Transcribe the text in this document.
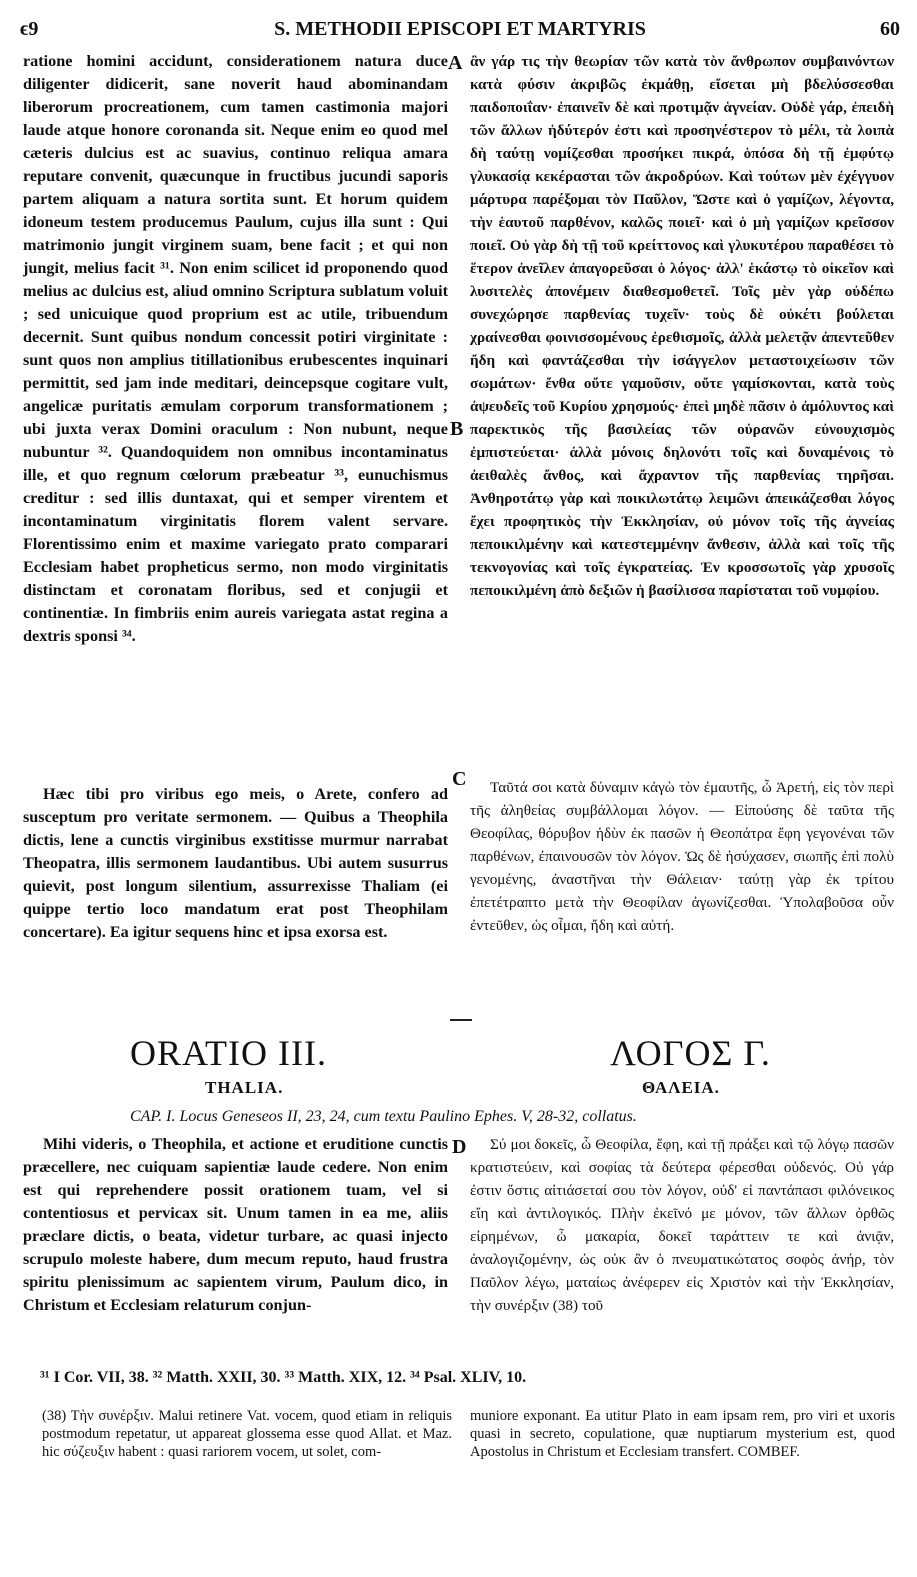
ϵ9	S. METHODII EPISCOPI ET MARTYRIS	60
A
B
C
D
ratione homini accidunt, considerationem natura duce diligenter didicerit, sane noverit haud abominandam liberorum procreationem, cum tamen castimonia majori laude atque honore coronanda sit. Neque enim eo quod mel cæteris dulcius est ac suavius, continuo reliqua amara reputare convenit, quæcunque in fructibus jucundi saporis partem aliquam a natura sortita sunt. Et horum quidem idoneum testem producemus Paulum, cujus illa sunt : Qui matrimonio jungit virginem suam, bene facit ; et qui non jungit, melius facit ³¹. Non enim scilicet id proponendo quod melius ac dulcius est, aliud omnino Scriptura sublatum voluit ; sed unicuique quod proprium est ac utile, tribuendum decernit. Sunt quibus nondum concessit potiri virginitate : sunt quos non amplius titillationibus erubescentes inquinari permittit, sed jam inde meditari, deincepsque cogitare vult, angelicæ puritatis æmulam corporum transformationem ; ubi juxta verax Domini oraculum : Non nubunt, neque nubuntur ³². Quandoquidem non omnibus incontaminatus ille, et quo regnum cœlorum præbeatur ³³, eunuchismus creditur : sed illis duntaxat, qui et semper virentem et incontaminatum virginitatis florem valent servare. Florentissimo enim et maxime variegato prato comparari Ecclesiam habet propheticus sermo, non modo virginitatis distinctam et coronatam floribus, sed et conjugii et continentiæ. In fimbriis enim aureis variegata astat regina a dextris sponsi ³⁴.
ἂν γάρ τις τὴν θεωρίαν τῶν κατὰ τὸν ἄνθρωπον συμβαινόντων κατὰ φύσιν ἀκριβῶς ἐκμάθῃ, εἴσεται μὴ βδελύσσεσθαι παιδοποιΐαν· ἐπαινεῖν δὲ καὶ προτιμᾷν ἁγνείαν. Οὐδὲ γάρ, ἐπειδὴ τῶν ἄλλων ἡδύτερόν ἐστι καὶ προσηνέστερον τὸ μέλι, τὰ λοιπὰ δὴ ταύτῃ νομίζεσθαι προσήκει πικρά, ὁπόσα δὴ τῇ ἐμφύτῳ γλυκασίᾳ κεκέρασται τῶν ἀκροδρύων. Καὶ τούτων μὲν ἐχέγγυον μάρτυρα παρέξομαι τὸν Παῦλον, Ὥστε καὶ ὁ γαμίζων, λέγοντα, τὴν ἑαυτοῦ παρθένον, καλῶς ποιεῖ· καὶ ὁ μὴ γαμίζων κρεῖσσον ποιεῖ. Οὐ γὰρ δὴ τῇ τοῦ κρείττονος καὶ γλυκυτέρου παραθέσει τὸ ἕτερον ἀνεῖλεν ἀπαγορεῦσαι ὁ λόγος· ἀλλ' ἑκάστῳ τὸ οἰκεῖον καὶ λυσιτελὲς ἀπονέμειν διαθεσμοθετεῖ. Τοῖς μὲν γὰρ οὐδέπω συνεχώρησε παρθενίας τυχεῖν· τοὺς δὲ οὐκέτι βούλεται χραίνεσθαι φοινισσομένους ἐρεθισμοῖς, ἀλλὰ μελετᾷν ἀπεντεῦθεν ἤδη καὶ φαντάζεσθαι τὴν ἰσάγγελον μεταστοιχείωσιν τῶν σωμάτων· ἔνθα οὔτε γαμοῦσιν, οὔτε γαμίσκονται, κατὰ τοὺς ἀψευδεῖς τοῦ Κυρίου χρησμούς· ἐπεὶ μηδὲ πᾶσιν ὁ ἀμόλυντος καὶ παρεκτικὸς τῆς βασιλείας τῶν οὐρανῶν εὐνουχισμὸς ἐμπιστεύεται· ἀλλὰ μόνοις δηλονότι τοῖς καὶ δυναμένοις τὸ ἀειθαλὲς ἄνθος, καὶ ἄχραντον τῆς παρθενίας τηρῆσαι. Ἀνθηροτάτῳ γὰρ καὶ ποικιλωτάτῳ λειμῶνι ἀπεικάζεσθαι λόγος ἔχει προφητικὸς τὴν Ἐκκλησίαν, οὐ μόνον τοῖς τῆς ἁγνείας πεποικιλμένην καὶ κατεστεμμένην ἄνθεσιν, ἀλλὰ καὶ τοῖς τῆς τεκνογονίας καὶ τοῖς ἐγκρατείας. Ἐν κροσσωτοῖς γὰρ χρυσοῖς πεποικιλμένη ἀπὸ δεξιῶν ἡ βασίλισσα παρίσταται τοῦ νυμφίου.
Hæc tibi pro viribus ego meis, o Arete, confero ad susceptum pro veritate sermonem. — Quibus a Theophila dictis, lene a cunctis virginibus exstitisse murmur narrabat Theopatra, illis sermonem laudantibus. Ubi autem susurrus quievit, post longum silentium, assurrexisse Thaliam (ei quippe tertio loco mandatum erat post Theophilam concertare). Ea igitur sequens hinc et ipsa exorsa est.
Ταῦτά σοι κατὰ δύναμιν κἀγὼ τὸν ἐμαυτῆς, ὦ Ἀρετή, εἰς τὸν περὶ τῆς ἀληθείας συμβάλλομαι λόγον. — Εἰπούσης δὲ ταῦτα τῆς Θεοφίλας, θόρυβον ἡδὺν ἐκ πασῶν ἡ Θεοπάτρα ἔφη γεγονέναι τῶν παρθένων, ἐπαινουσῶν τὸν λόγον. Ὡς δὲ ἡσύχασεν, σιωπῆς ἐπὶ πολὺ γενομένης, ἀναστῆναι τὴν Θάλειαν· ταύτῃ γὰρ ἐκ τρίτου ἐπετέτραπτο μετὰ τὴν Θεοφίλαν ἀγωνίζεσθαι. Ὑπολαβοῦσα οὖν ἐντεῦθεν, ὡς οἶμαι, ἤδη καὶ αὐτή.
ORATIO III.
THALIA.
ΛΟΓΟΣ Γ.
ΘΑΛΕΙΑ.
CAP. I. Locus Geneseos II, 23, 24, cum textu Paulino Ephes. V, 28-32, collatus.
Mihi videris, o Theophila, et actione et eruditione cunctis præcellere, nec cuiquam sapientiæ laude cedere. Non enim est qui reprehendere possit orationem tuam, vel si contentiosus et pervicax sit. Unum tamen in ea me, aliis præclare dictis, o beata, videtur turbare, ac quasi injecto scrupulo moleste habere, dum mecum reputo, haud frustra spiritu plenissimum ac sapientem virum, Paulum dico, in Christum et Ecclesiam relaturum conjun-
Σύ μοι δοκεῖς, ὦ Θεοφίλα, ἔφη, καὶ τῇ πράξει καὶ τῷ λόγῳ πασῶν κρατιστεύειν, καὶ σοφίας τὰ δεύτερα φέρεσθαι οὐδενός. Οὐ γάρ ἐστιν ὅστις αἰτιάσεταί σου τὸν λόγον, οὐδ' εἰ παντάπασι φιλόνεικος εἴη καὶ ἀντιλογικός. Πλὴν ἐκεῖνό με μόνον, τῶν ἄλλων ὀρθῶς εἰρημένων, ὦ μακαρία, δοκεῖ ταράττειν τε καὶ ἀνιᾷν, ἀναλογιζομένην, ὡς οὐκ ἂν ὁ πνευματικώτατος σοφὸς ἀνήρ, τὸν Παῦλον λέγω, ματαίως ἀνέφερεν εἰς Χριστὸν καὶ τὴν Ἐκκλησίαν, τὴν συνέρξιν (38) τοῦ
³¹ I Cor. VII, 38. ³² Matth. XXII, 30. ³³ Matth. XIX, 12. ³⁴ Psal. XLIV, 10.
(38) Τὴν συνέρξιν. Malui retinere Vat. vocem, quod etiam in reliquis postmodum repetatur, ut appareat glossema esse quod Allat. et Maz. hic σύζευξιν habent : quasi rariorem vocem, ut solet, com-
muniore exponant. Ea utitur Plato in eam ipsam rem, pro viri et uxoris quasi in secreto, copulatione, quæ nuptiarum mysterium est, quod Apostolus in Christum et Ecclesiam transfert. COMBEF.
